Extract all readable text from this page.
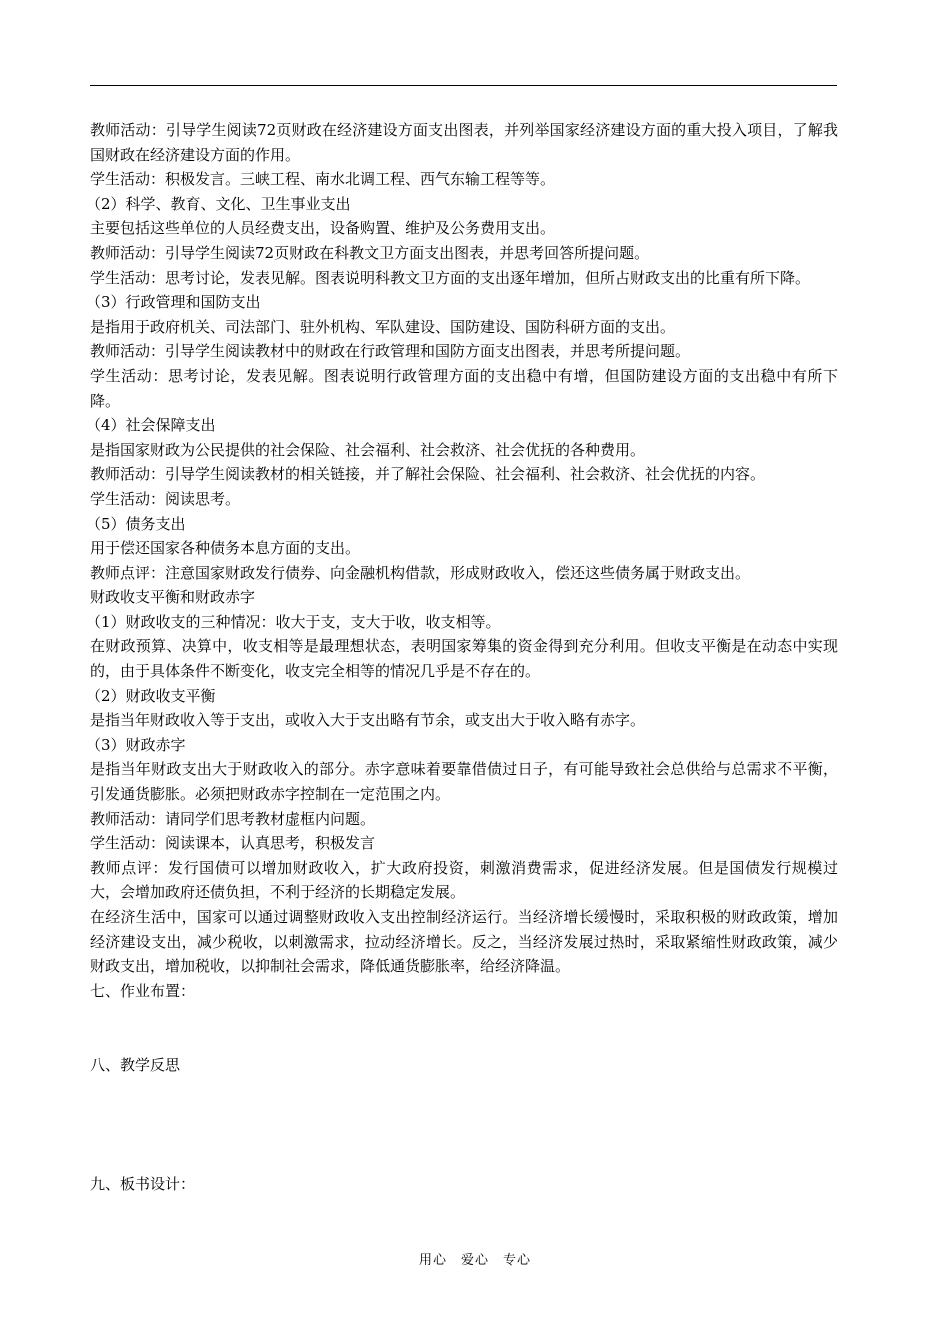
教师活动：引导学生阅读72页财政在经济建设方面支出图表，并列举国家经济建设方面的重大投入项目，了解我国财政在经济建设方面的作用。

学生活动：积极发言。三峡工程、南水北调工程、西气东输工程等等。

（2）科学、教育、文化、卫生事业支出

主要包括这些单位的人员经费支出，设备购置、维护及公务费用支出。

教师活动：引导学生阅读72页财政在科教文卫方面支出图表，并思考回答所提问题。

学生活动：思考讨论，发表见解。图表说明科教文卫方面的支出逐年增加，但所占财政支出的比重有所下降。

（3）行政管理和国防支出

是指用于政府机关、司法部门、驻外机构、军队建设、国防建设、国防科研方面的支出。

教师活动：引导学生阅读教材中的财政在行政管理和国防方面支出图表，并思考所提问题。

学生活动：思考讨论，发表见解。图表说明行政管理方面的支出稳中有增，但国防建设方面的支出稳中有所下降。

（4）社会保障支出

是指国家财政为公民提供的社会保险、社会福利、社会救济、社会优抚的各种费用。

教师活动：引导学生阅读教材的相关链接，并了解社会保险、社会福利、社会救济、社会优抚的内容。

学生活动：阅读思考。

（5）债务支出

用于偿还国家各种债务本息方面的支出。

教师点评：注意国家财政发行债券、向金融机构借款，形成财政收入，偿还这些债务属于财政支出。

财政收支平衡和财政赤字

（1）财政收支的三种情况：收大于支，支大于收，收支相等。

在财政预算、决算中，收支相等是最理想状态，表明国家筹集的资金得到充分利用。但收支平衡是在动态中实现的，由于具体条件不断变化，收支完全相等的情况几乎是不存在的。

（2）财政收支平衡

是指当年财政收入等于支出，或收入大于支出略有节余，或支出大于收入略有赤字。

（3）财政赤字

是指当年财政支出大于财政收入的部分。赤字意味着要靠借债过日子，有可能导致社会总供给与总需求不平衡，引发通货膨胀。必须把财政赤字控制在一定范围之内。

教师活动：请同学们思考教材虚框内问题。

学生活动：阅读课本，认真思考，积极发言

教师点评：发行国债可以增加财政收入，扩大政府投资，刺激消费需求，促进经济发展。但是国债发行规模过大，会增加政府还债负担，不利于经济的长期稳定发展。

在经济生活中，国家可以通过调整财政收入支出控制经济运行。当经济增长缓慢时，采取积极的财政政策，增加经济建设支出，减少税收，以刺激需求，拉动经济增长。反之，当经济发展过热时，采取紧缩性财政政策，减少财政支出，增加税收，以抑制社会需求，降低通货膨胀率，给经济降温。

七、作业布置：

八、教学反思

九、板书设计：

用心　爱心　专心
